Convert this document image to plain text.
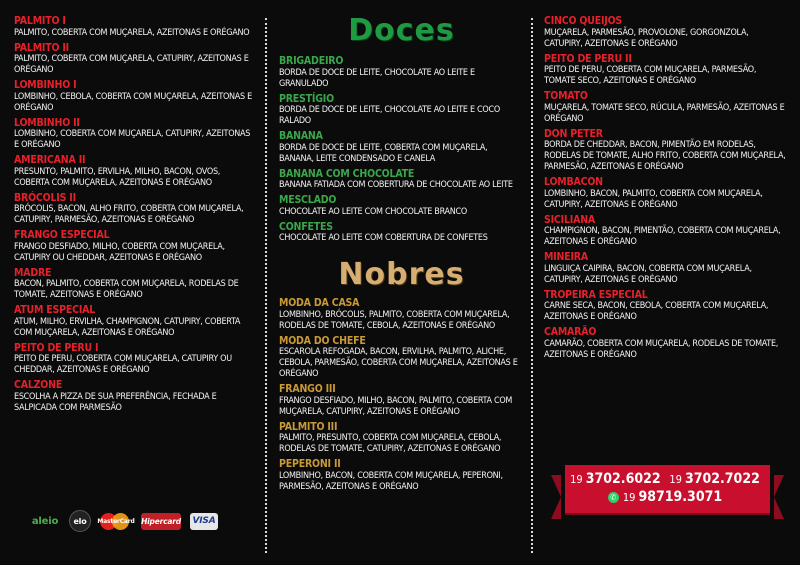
PALMITO I
PALMITO, COBERTA COM MUÇARELA, AZEITONAS E ORÉGANO
PALMITO II
PALMITO, COBERTA COM MUÇARELA, CATUPIRY, AZEITONAS E ORÉGANO
LOMBINHO I
LOMBINHO, CEBOLA, COBERTA COM MUÇARELA, AZEITONAS E ORÉGANO
LOMBINHO II
LOMBINHO, COBERTA COM MUÇARELA, CATUPIRY, AZEITONAS E ORÉGANO
AMERICANA II
PRESUNTO, PALMITO, ERVILHA, MILHO, BACON, OVOS, COBERTA COM MUÇARELA, AZEITONAS E ORÉGANO
BRÓCOLIS II
BRÓCOLIS, BACON, ALHO FRITO, COBERTA COM MUÇARELA, CATUPIRY, PARMESÃO, AZEITONAS E ORÉGANO
FRANGO ESPECIAL
FRANGO DESFIADO, MILHO, COBERTA COM MUÇARELA, CATUPIRY OU CHEDDAR, AZEITONAS E ORÉGANO
MADRE
BACON, PALMITO, COBERTA COM MUÇARELA, RODELAS DE TOMATE, AZEITONAS E ORÉGANO
ATUM ESPECIAL
ATUM, MILHO, ERVILHA, CHAMPIGNON, CATUPIRY, COBERTA COM MUÇARELA, AZEITONAS E ORÉGANO
PEITO DE PERU I
PEITO DE PERU, COBERTA COM MUÇARELA, CATUPIRY OU CHEDDAR, AZEITONAS E ORÉGANO
CALZONE
ESCOLHA A PIZZA DE SUA PREFERÊNCIA, FECHADA E SALPICADA COM PARMESÃO
Doces
BRIGADEIRO
BORDA DE DOCE DE LEITE, CHOCOLATE AO LEITE E GRANULADO
PRESTÍGIO
BORDA DE DOCE DE LEITE, CHOCOLATE AO LEITE E COCO RALADO
BANANA
BORDA DE DOCE DE LEITE, COBERTA COM MUÇARELA, BANANA, LEITE CONDENSADO E CANELA
BANANA COM CHOCOLATE
BANANA FATIADA COM COBERTURA DE CHOCOLATE AO LEITE
MESCLADO
CHOCOLATE AO LEITE COM CHOCOLATE BRANCO
CONFETES
CHOCOLATE AO LEITE COM COBERTURA DE CONFETES
Nobres
MODA DA CASA
LOMBINHO, BRÓCOLIS, PALMITO, COBERTA COM MUÇARELA, RODELAS DE TOMATE, CEBOLA, AZEITONAS E ORÉGANO
MODA DO CHEFE
ESCAROLA REFOGADA, BACON, ERVILHA, PALMITO, ALICHE, CEBOLA, PARMESÃO, COBERTA COM MUÇARELA, AZEITONAS E ORÉGANO
FRANGO III
FRANGO DESFIADO, MILHO, BACON, PALMITO, COBERTA COM MUÇARELA, CATUPIRY, AZEITONAS E ORÉGANO
PALMITO III
PALMITO, PRESUNTO, COBERTA COM MUÇARELA, CEBOLA, RODELAS DE TOMATE, CATUPIRY, AZEITONAS E ORÉGANO
PEPERONI II
LOMBINHO, BACON, COBERTA COM MUÇARELA, PEPERONI, PARMESÃO, AZEITONAS E ORÉGANO
CINCO QUEIJOS
MUÇARELA, PARMESÃO, PROVOLONE, GORGONZOLA, CATUPIRY, AZEITONAS E ORÉGANO
PEITO DE PERU II
PEITO DE PERU, COBERTA COM MUÇARELA, PARMESÃO, TOMATE SECO, AZEITONAS E ORÉGANO
TOMATO
MUÇARELA, TOMATE SECO, RÚCULA, PARMESÃO, AZEITONAS E ORÉGANO
DON PETER
BORDA DE CHEDDAR, BACON, PIMENTÃO EM RODELAS, RODELAS DE TOMATE, ALHO FRITO, COBERTA COM MUÇARELA, PARMESÃO, AZEITONAS E ORÉGANO
LOMBACON
LOMBINHO, BACON, PALMITO, COBERTA COM MUÇARELA, CATUPIRY, AZEITONAS E ORÉGANO
SICILIANA
CHAMPIGNON, BACON, PIMENTÃO, COBERTA COM MUÇARELA, AZEITONAS E ORÉGANO
MINEIRA
LINGUIÇA CAIPIRA, BACON, COBERTA COM MUÇARELA, CATUPIRY, AZEITONAS E ORÉGANO
TROPEIRA ESPECIAL
CARNE SECA, BACON, CEBOLA, COBERTA COM MUÇARELA, AZEITONAS E ORÉGANO
CAMARÃO
CAMARÃO, COBERTA COM MUÇARELA, RODELAS DE TOMATE, AZEITONAS E ORÉGANO
aleio	elo	MasterCard Hipercard VISA
19 3702.6022 19 3702.7022
✆ 19 98719.3071
